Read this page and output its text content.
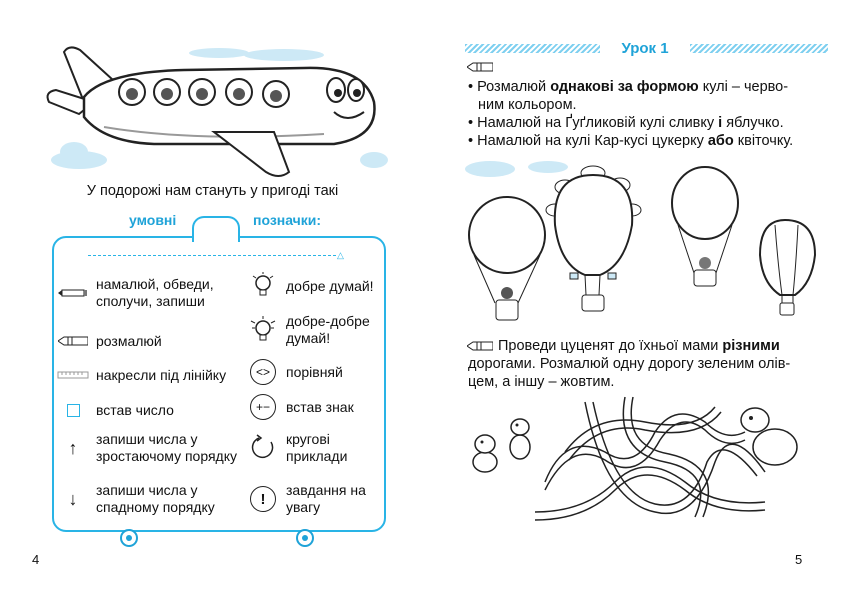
У подорожі нам стануть у пригоді такі
умовні	позначки:
△
намалюй, обведи, сполучи, запиши
розмалюй
накресли під лінійку
встав число
↑	запиши числа у зростаючому порядку
↓	запиши числа у спадному порядку
добре думай!
добре-добре думай!
<>	порівняй
+−	встав знак
кругові приклади
!
завдання на увагу
4
Урок 1
• Розмалюй однакові за формою кулі – черво-
ним кольором.
• Намалюй на Ґуґликовій кулі сливку і яблучко.
• Намалюй на кулі Кар-кусі цукерку або квіточку.
Проведи цуценят до їхньої мами різними
дорогами. Розмалюй одну дорогу зеленим олів-
цем, а іншу – жовтим.
5
